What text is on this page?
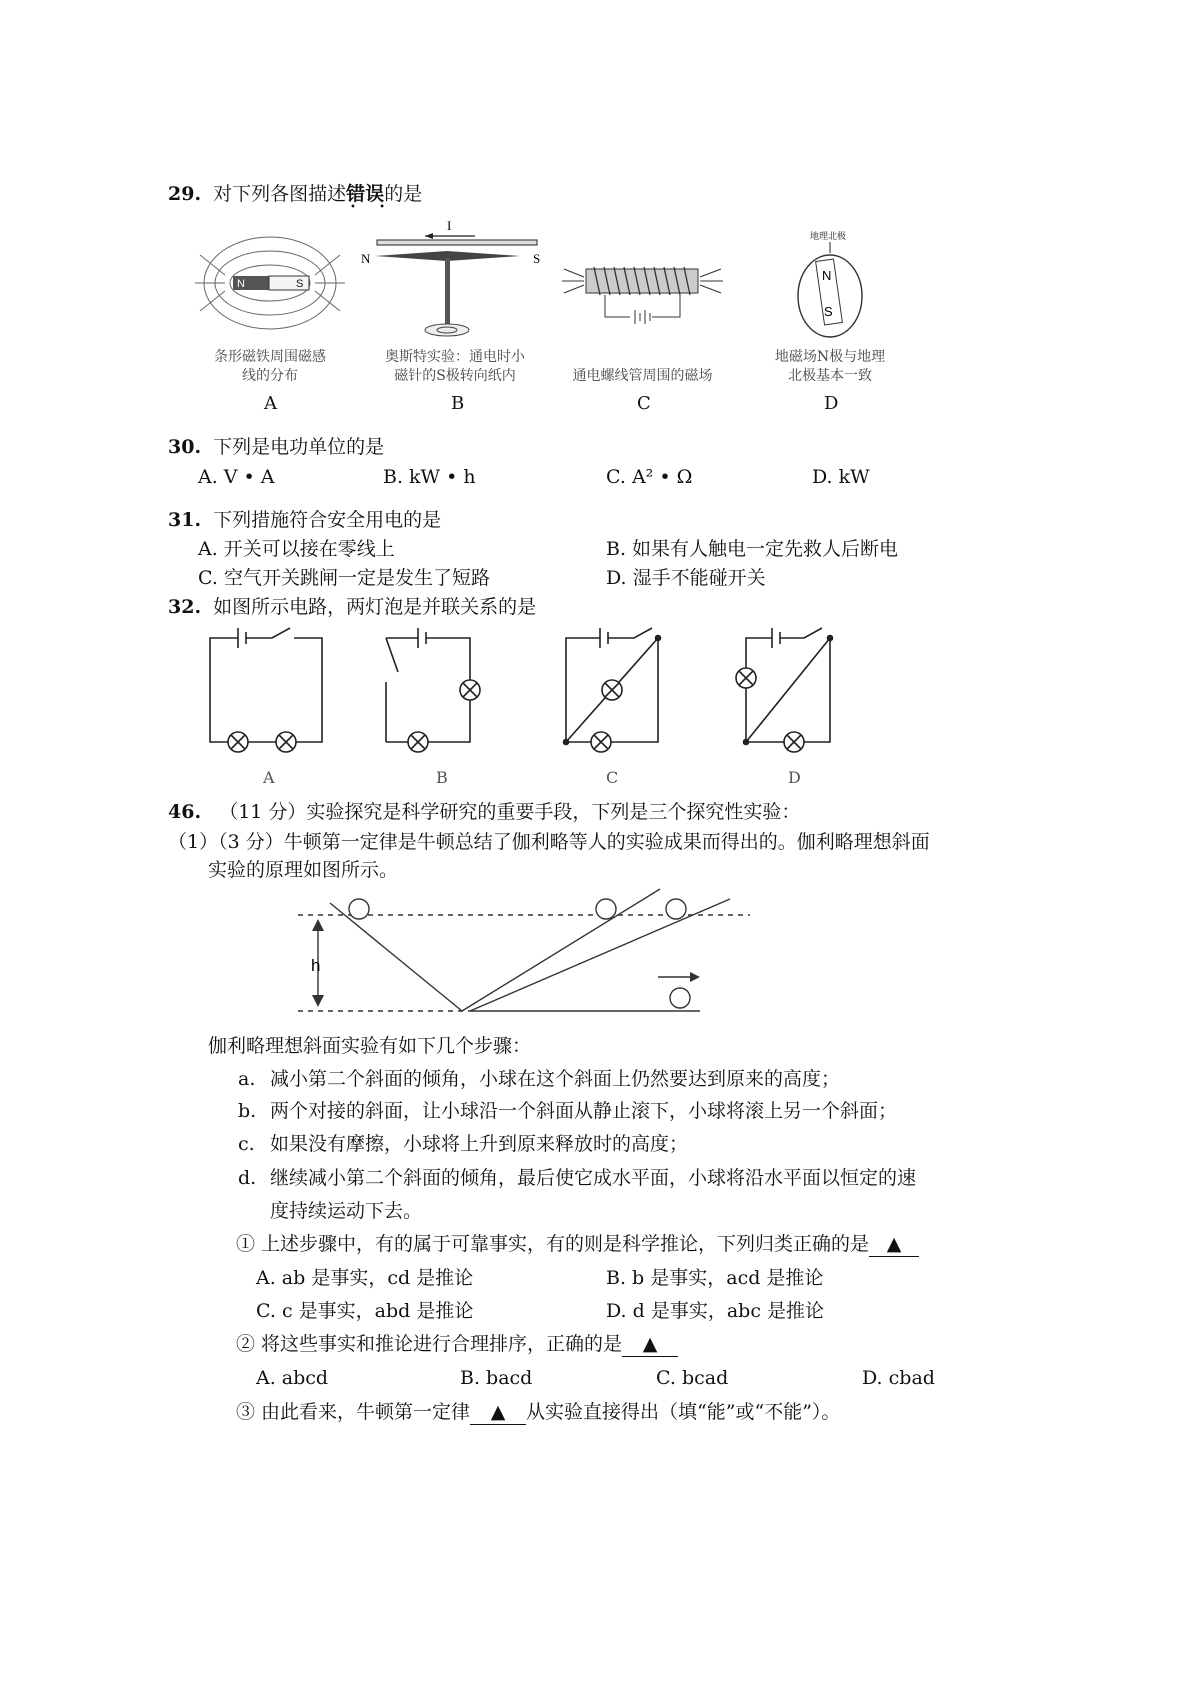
29. 对下列各图描述错误的是
• •
N	S
条形磁铁周围磁感
线的分布
A
I
N	S
奥斯特实验：通电时小
磁针的S极转向纸内
B
通电螺线管周围的磁场
C
地理北极
N
S
地磁场N极与地理
北极基本一致
D
30. 下列是电功单位的是
A. V • A	B. kW • h	C. A² • Ω	D. kW
31. 下列措施符合安全用电的是
A. 开关可以接在零线上	B. 如果有人触电一定先救人后断电
C. 空气开关跳闸一定是发生了短路	D. 湿手不能碰开关
32. 如图所示电路，两灯泡是并联关系的是
A	B	C	D
46. （11 分）实验探究是科学研究的重要手段，下列是三个探究性实验：
（1）（3 分）牛顿第一定律是牛顿总结了伽利略等人的实验成果而得出的。伽利略理想斜面
实验的原理如图所示。
h
伽利略理想斜面实验有如下几个步骤：
a. 减小第二个斜面的倾角，小球在这个斜面上仍然要达到原来的高度；
b. 两个对接的斜面，让小球沿一个斜面从静止滚下，小球将滚上另一个斜面；
c. 如果没有摩擦，小球将上升到原来释放时的高度；
d. 继续减小第二个斜面的倾角，最后使它成水平面，小球将沿水平面以恒定的速
度持续运动下去。
① 上述步骤中，有的属于可靠事实，有的则是科学推论，下列归类正确的是 ▲
A. ab 是事实，cd 是推论	B. b 是事实，acd 是推论
C. c 是事实，abd 是推论	D. d 是事实，abc 是推论
② 将这些事实和推论进行合理排序，正确的是 ▲
A. abcd	B. bacd	C. bcad	D. cbad
③ 由此看来，牛顿第一定律 ▲ 从实验直接得出（填“能”或“不能”）。
